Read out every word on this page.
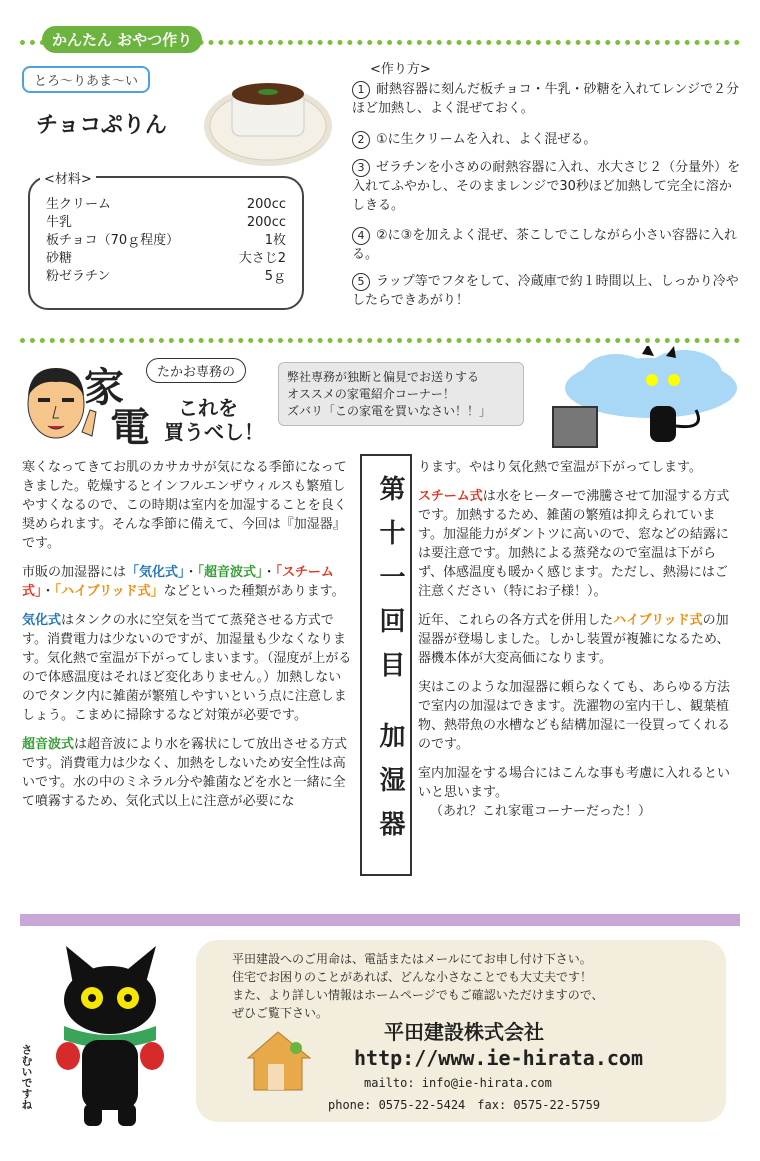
かんたん おやつ作り
とろ〜りあま〜い
チョコぷりん
<材料>
生クリーム	200cc
牛乳	200cc
板チョコ（70ｇ程度）	1枚
砂糖	大さじ2
粉ゼラチン	5ｇ
<作り方>
1 耐熱容器に刻んだ板チョコ・牛乳・砂糖を入れてレンジで２分ほど加熱し、よく混ぜておく。
2 ①に生クリームを入れ、よく混ぜる。
3 ゼラチンを小さめの耐熱容器に入れ、水大さじ２（分量外）を入れてふやかし、そのままレンジで30秒ほど加熱して完全に溶かしきる。
4 ②に③を加えよく混ぜ、茶こしでこしながら小さい容器に入れる。
5 ラップ等でフタをして、冷蔵庫で約１時間以上、しっかり冷やしたらできあがり！
たかお専務の
家
電 これを
買うべし！
弊社専務が独断と偏見でお送りする
オススメの家電紹介コーナー！
ズバリ「この家電を買いなさい！！」
第十一回目 加湿器

寒くなってきてお肌のカサカサが気になる季節になってきました。乾燥するとインフルエンザウィルスも繁殖しやすくなるので、この時期は室内を加湿することを良く奨められます。そんな季節に備えて、今回は『加湿器』です。

市販の加湿器には「気化式」・「超音波式」・「スチーム式」・「ハイブリッド式」などといった種類があります。

気化式はタンクの水に空気を当てて蒸発させる方式です。消費電力は少ないのですが、加湿量も少なくなります。気化熱で室温が下がってしまいます。（湿度が上がるので体感温度はそれほど変化ありません。）加熱しないのでタンク内に雑菌が繁殖しやすいという点に注意しましょう。こまめに掃除するなど対策が必要です。

超音波式は超音波により水を霧状にして放出させる方式です。消費電力は少なく、加熱をしないため安全性は高いです。水の中のミネラル分や雑菌などを水と一緒に全て噴霧するため、気化式以上に注意が必要にな

ります。やはり気化熱で室温が下がってします。

スチーム式は水をヒーターで沸騰させて加湿する方式です。加熱するため、雑菌の繁殖は抑えられています。加湿能力がダントツに高いので、窓などの結露には要注意です。加熱による蒸発なので室温は下がらず、体感温度も暖かく感じます。ただし、熱湯にはご注意ください（特にお子様！）。

近年、これらの各方式を併用したハイブリッド式の加湿器が登場しました。しかし装置が複雑になるため、器機本体が大変高価になります。

実はこのような加湿器に頼らなくても、あらゆる方法で室内の加湿はできます。洗濯物の室内干し、観葉植物、熱帯魚の水槽なども結構加湿に一役買ってくれるのです。

室内加湿をする場合にはこんな事も考慮に入れるといいと思います。

（あれ？これ家電コーナーだった！）

さむいですね
平田建設へのご用命は、電話またはメールにてお申し付け下さい。
住宅でお困りのことがあれば、どんな小さなことでも大丈夫です！
また、より詳しい情報はホームページでもご確認いただけますので、
ぜひご覧下さい。
平田建設株式会社
http://www.ie-hirata.com
mailto: info@ie-hirata.com
phone: 0575-22-5424　fax: 0575-22-5759
